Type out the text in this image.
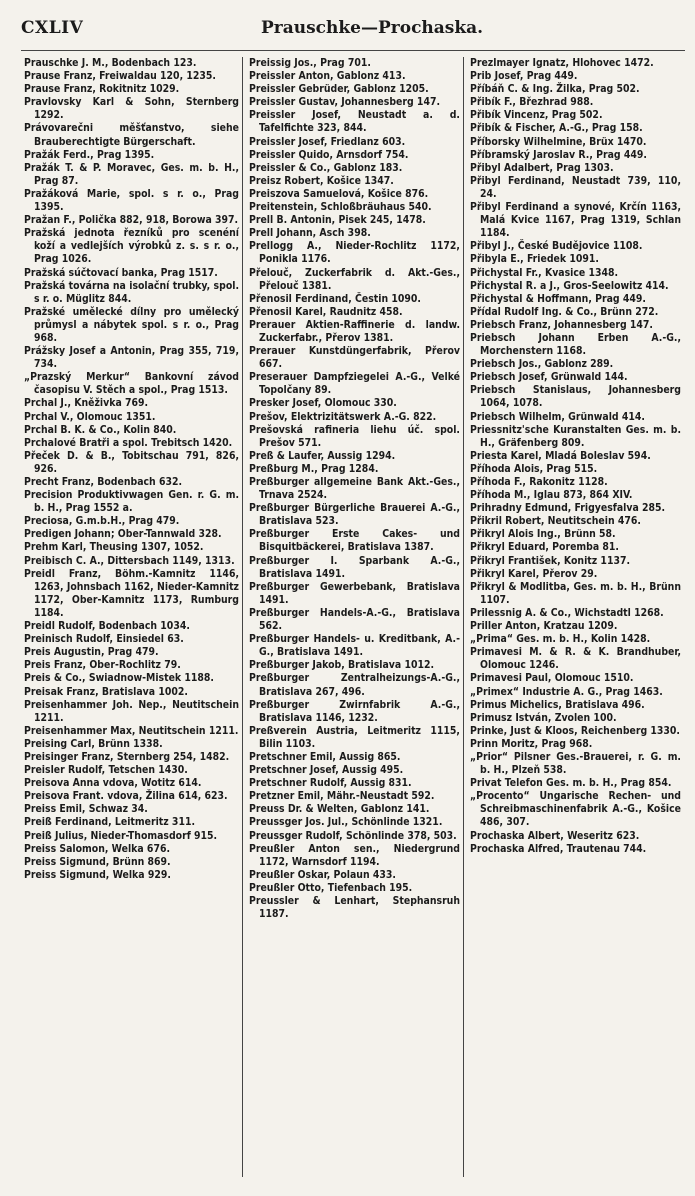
CXLIV	Prauschke—Prochaska.

Prauschke J. M., Bodenbach 123.

Prause Franz, Freiwaldau 120, 1235.

Prause Franz, Rokitnitz 1029.

Pravlovsky Karl & Sohn, Sternberg 1292.

Právovarečni měšťanstvo, siehe Brauberechtigte Bürgerschaft.

Pražák Ferd., Prag 1395.

Pražák T. & P. Moravec, Ges. m. b. H., Prag 87.

Pražáková Marie, spol. s r. o., Prag 1395.

Pražan F., Polička 882, 918, Borowa 397.

Pražská jednota řezníků pro scenéní koží a vedlejších výrobků z. s. s r. o., Prag 1026.

Pražská súčtovací banka, Prag 1517.

Pražská továrna na isolační trubky, spol. s r. o. Müglitz 844.

Pražské umělecké dílny pro umělecký průmysl a nábytek spol. s r. o., Prag 968.

Prážsky Josef a Antonin, Prag 355, 719, 734.

„Prazský Merkur“ Bankovní závod časopisu V. Stěch a spol., Prag 1513.

Prchal J., Kněživka 769.

Prchal V., Olomouc 1351.

Prchal B. K. & Co., Kolin 840.

Prchalové Bratři a spol. Trebitsch 1420.

Přeček D. & B., Tobitschau 791, 826, 926.

Precht Franz, Bodenbach 632.

Precision Produktivwagen Gen. r. G. m. b. H., Prag 1552 a.

Preciosa, G.m.b.H., Prag 479.

Predigen Johann; Ober-Tannwald 328.

Prehm Karl, Theusing 1307, 1052.

Preibisch C. A., Dittersbach 1149, 1313.

Preidl Franz, Böhm.-Kamnitz 1146, 1263, Johnsbach 1162, Nieder-Kamnitz 1172, Ober-Kamnitz 1173, Rumburg 1184.

Preidl Rudolf, Bodenbach 1034.

Preinisch Rudolf, Einsiedel 63.

Preis Augustin, Prag 479.

Preis Franz, Ober-Rochlitz 79.

Preis & Co., Swiadnow-Mistek 1188.

Preisak Franz, Bratislava 1002.

Preisenhammer Joh. Nep., Neutitschein 1211.

Preisenhammer Max, Neutitschein 1211.

Preising Carl, Brünn 1338.

Preisinger Franz, Sternberg 254, 1482.

Preisler Rudolf, Tetschen 1430.

Preisova Anna vdova, Wotitz 614.

Preisova Frant. vdova, Žilina 614, 623.

Preiss Emil, Schwaz 34.

Preiß Ferdinand, Leitmeritz 311.

Preiß Julius, Nieder-Thomasdorf 915.

Preiss Salomon, Welka 676.

Preiss Sigmund, Brünn 869.

Preiss Sigmund, Welka 929.

Preissig Jos., Prag 701.

Preissler Anton, Gablonz 413.

Preissler Gebrüder, Gablonz 1205.

Preissler Gustav, Johannesberg 147.

Preissler Josef, Neustadt a. d. Tafelfichte 323, 844.

Preissler Josef, Friedlanz 603.

Preissler Quido, Arnsdorf 754.

Preissler & Co., Gablonz 183.

Preisz Robert, Košice 1347.

Preiszova Samuelová, Košice 876.

Preitenstein, Schloßbräuhaus 540.

Prell B. Antonin, Pisek 245, 1478.

Prell Johann, Asch 398.

Prellogg A., Nieder-Rochlitz 1172, Ponikla 1176.

Přelouč, Zuckerfabrik d. Akt.-Ges., Přelouč 1381.

Přenosil Ferdinand, Čestin 1090.

Přenosil Karel, Raudnitz 458.

Prerauer Aktien-Raffinerie d. landw. Zuckerfabr., Přerov 1381.

Prerauer Kunstdüngerfabrik, Přerov 667.

Preserauer Dampfziegelei A.-G., Velké Topolčany 89.

Presker Josef, Olomouc 330.

Prešov, Elektrizitätswerk A.-G. 822.

Prešovská rafineria liehu úč. spol. Prešov 571.

Preß & Laufer, Aussig 1294.

Preßburg M., Prag 1284.

Preßburger allgemeine Bank Akt.-Ges., Trnava 2524.

Preßburger Bürgerliche Brauerei A.-G., Bratislava 523.

Preßburger Erste Cakes- und Bisquitbäckerei, Bratislava 1387.

Preßburger I. Sparbank A.-G., Bratislava 1491.

Preßburger Gewerbebank, Bratislava 1491.

Preßburger Handels-A.-G., Bratislava 562.

Preßburger Handels- u. Kreditbank, A.-G., Bratislava 1491.

Preßburger Jakob, Bratislava 1012.

Preßburger Zentralheizungs-A.-G., Bratislava 267, 496.

Preßburger Zwirnfabrik A.-G., Bratislava 1146, 1232.

Preßverein Austria, Leitmeritz 1115, Bilin 1103.

Pretschner Emil, Aussig 865.

Pretschner Josef, Aussig 495.

Pretschner Rudolf, Aussig 831.

Pretzner Emil, Mähr.-Neustadt 592.

Preuss Dr. & Welten, Gablonz 141.

Preussger Jos. Jul., Schönlinde 1321.

Preussger Rudolf, Schönlinde 378, 503.

Preußler Anton sen., Niedergrund 1172, Warnsdorf 1194.

Preußler Oskar, Polaun 433.

Preußler Otto, Tiefenbach 195.

Preussler & Lenhart, Stephansruh 1187.

Prezlmayer Ignatz, Hlohovec 1472.

Prib Josef, Prag 449.

Příbáň C. & Ing. Žilka, Prag 502.

Přibík F., Březhrad 988.

Přibík Vincenz, Prag 502.

Přibík & Fischer, A.-G., Prag 158.

Příborsky Wilhelmine, Brüx 1470.

Příbramský Jaroslav R., Prag 449.

Přibyl Adalbert, Prag 1303.

Přibyl Ferdinand, Neustadt 739, 110, 24.

Přibyl Ferdinand a synové, Krčín 1163, Malá Kvice 1167, Prag 1319, Schlan 1184.

Přibyl J., České Budějovice 1108.

Přibyla E., Friedek 1091.

Přichystal Fr., Kvasice 1348.

Přichystal R. a J., Gros-Seelowitz 414.

Přichystal & Hoffmann, Prag 449.

Přídal Rudolf Ing. & Co., Brünn 272.

Priebsch Franz, Johannesberg 147.

Priebsch Johann Erben A.-G., Morchenstern 1168.

Priebsch Jos., Gablonz 289.

Priebsch Josef, Grünwald 144.

Priebsch Stanislaus, Johannesberg 1064, 1078.

Priebsch Wilhelm, Grünwald 414.

Priessnitz'sche Kuranstalten Ges. m. b. H., Gräfenberg 809.

Priesta Karel, Mladá Boleslav 594.

Příhoda Alois, Prag 515.

Příhoda F., Rakonitz 1128.

Příhoda M., Iglau 873, 864 XIV.

Prihradny Edmund, Frigyesfalva 285.

Přikril Robert, Neutitschein 476.

Přikryl Alois Ing., Brünn 58.

Přikryl Eduard, Poremba 81.

Přikryl František, Konitz 1137.

Přikryl Karel, Přerov 29.

Přikryl & Modlitba, Ges. m. b. H., Brünn 1107.

Prilessnig A. & Co., Wichstadtl 1268.

Priller Anton, Kratzau 1209.

„Prima“ Ges. m. b. H., Kolin 1428.

Primavesi M. & R. & K. Brandhuber, Olomouc 1246.

Primavesi Paul, Olomouc 1510.

„Primex“ Industrie A. G., Prag 1463.

Primus Michelics, Bratislava 496.

Primusz István, Zvolen 100.

Prinke, Just & Kloos, Reichenberg 1330.

Prinn Moritz, Prag 968.

„Prior“ Pilsner Ges.-Brauerei, r. G. m. b. H., Plzeň 538.

Privat Telefon Ges. m. b. H., Prag 854.

„Procento“ Ungarische Rechen- und Schreibmaschinenfabrik A.-G., Košice 486, 307.

Prochaska Albert, Weseritz 623.

Prochaska Alfred, Trautenau 744.
